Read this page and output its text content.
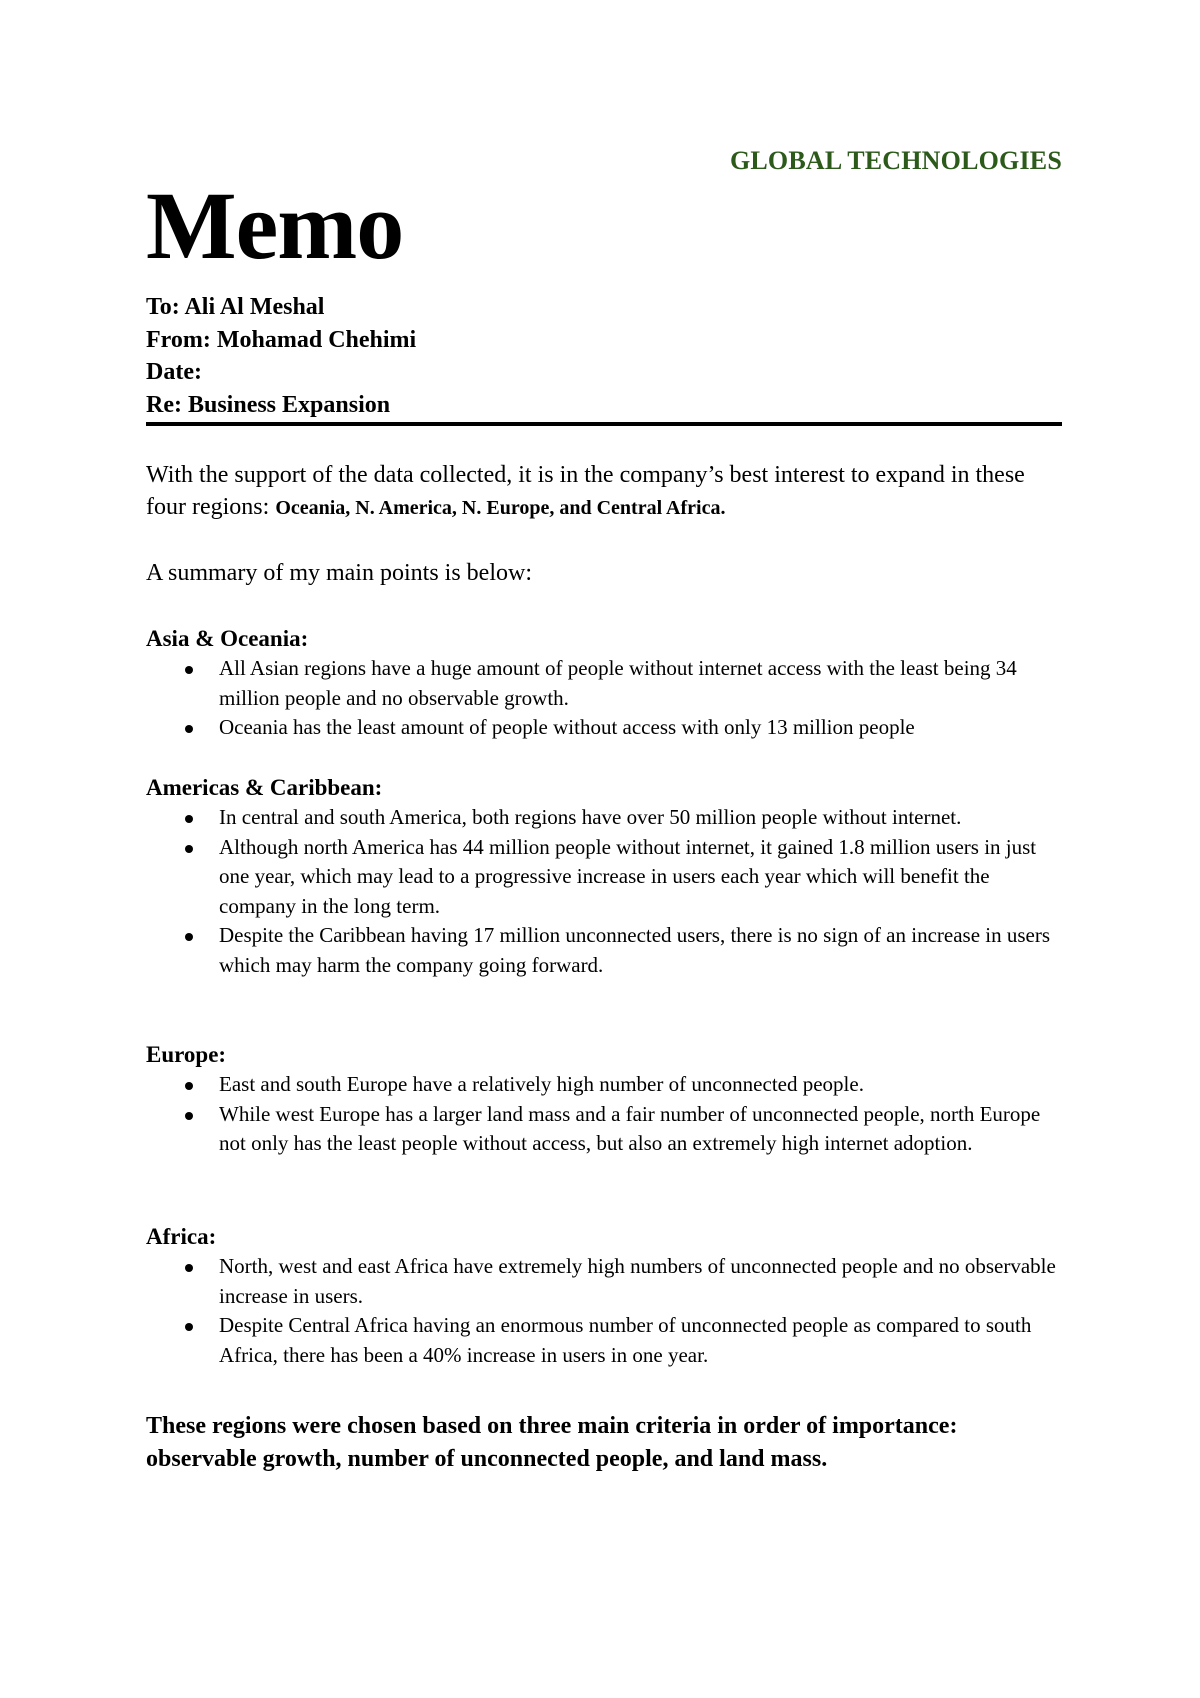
GLOBAL TECHNOLOGIES
Memo
To: Ali Al Meshal
From: Mohamad Chehimi
Date:
Re: Business Expansion
With the support of the data collected, it is in the company’s best interest to expand in these four regions: Oceania, N. America, N. Europe, and Central Africa.
A summary of my main points is below:
Asia & Oceania:
All Asian regions have a huge amount of people without internet access with the least being 34 million people and no observable growth.
Oceania has the least amount of people without access with only 13 million people
Americas & Caribbean:
In central and south America, both regions have over 50 million people without internet.
Although north America has 44 million people without internet, it gained 1.8 million users in just one year, which may lead to a progressive increase in users each year which will benefit the company in the long term.
Despite the Caribbean having 17 million unconnected users, there is no sign of an increase in users which may harm the company going forward.
Europe:
East and south Europe have a relatively high number of unconnected people.
While west Europe has a larger land mass and a fair number of unconnected people, north Europe not only has the least people without access, but also an extremely high internet adoption.
Africa:
North, west and east Africa have extremely high numbers of unconnected people and no observable increase in users.
Despite Central Africa having an enormous number of unconnected people as compared to south Africa, there has been a 40% increase in users in one year.
These regions were chosen based on three main criteria in order of importance: observable growth, number of unconnected people, and land mass.
